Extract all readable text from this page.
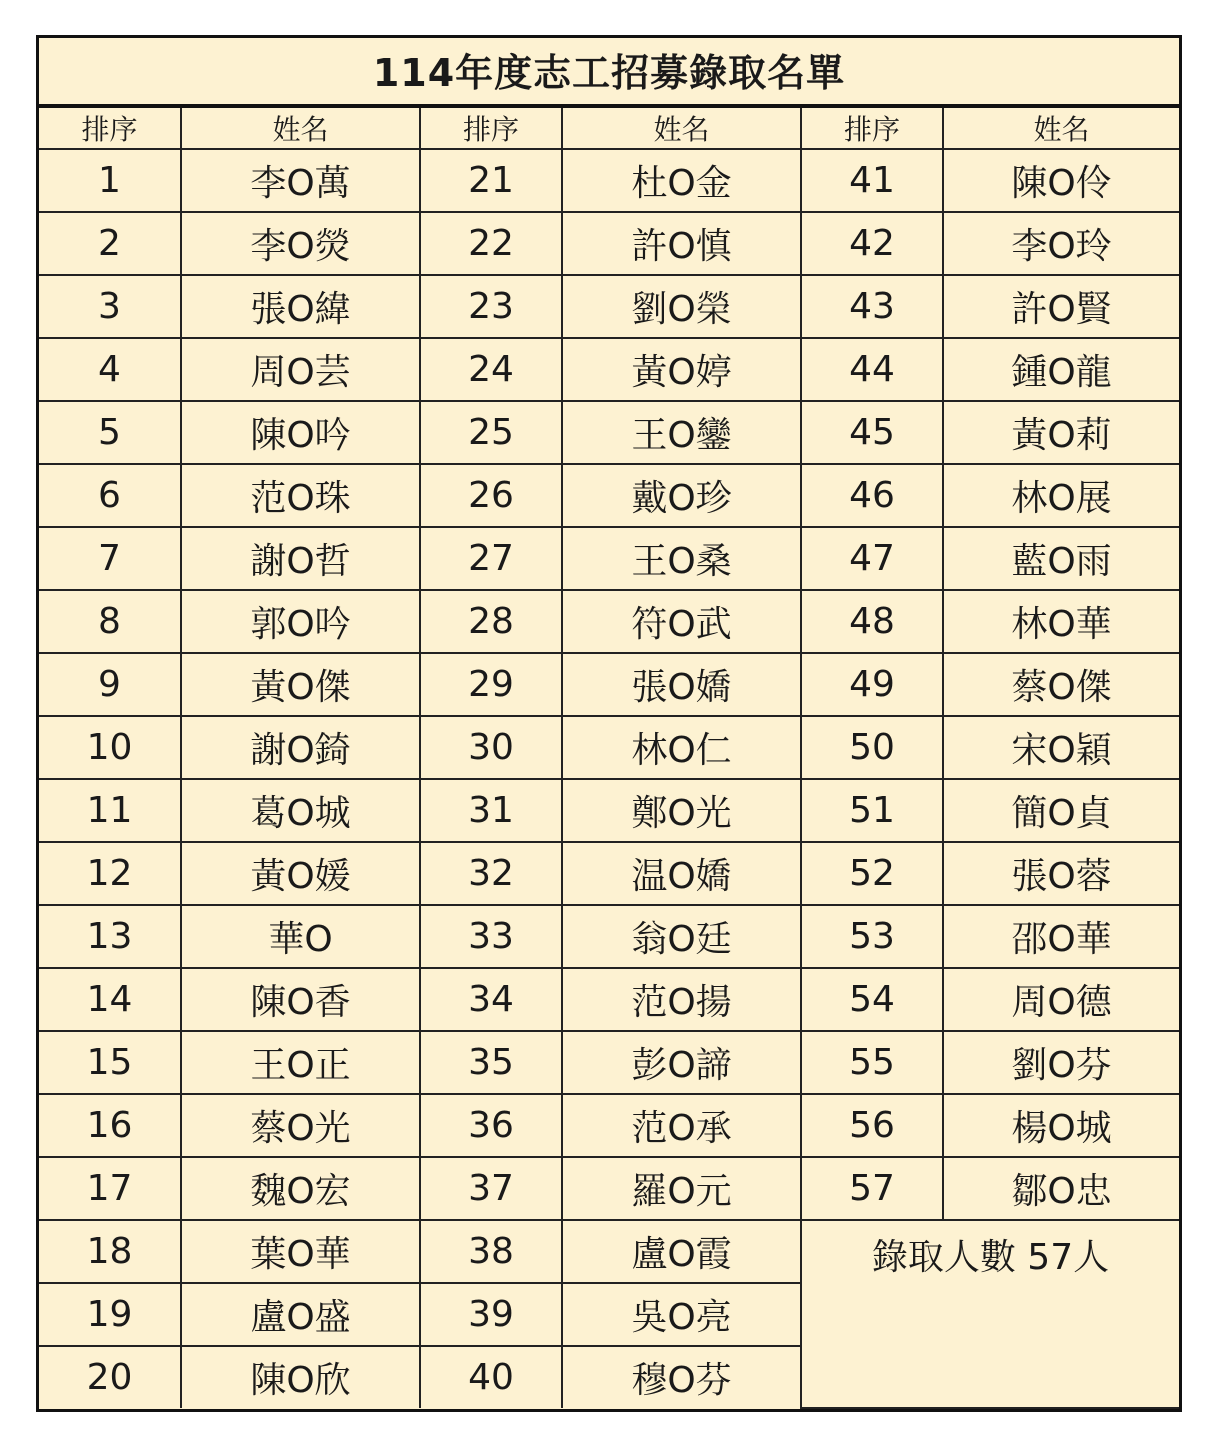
114年度志工招募錄取名單
排序	姓名	排序	姓名	排序	姓名
1	李O萬	21	杜O金	41	陳O伶
2	李O熒	22	許O慎	42	李O玲
3	張O緯	23	劉O榮	43	許O賢
4	周O芸	24	黃O婷	44	鍾O龍
5	陳O吟	25	王O鑾	45	黃O莉
6	范O珠	26	戴O珍	46	林O展
7	謝O哲	27	王O桑	47	藍O雨
8	郭O吟	28	符O武	48	林O華
9	黃O傑	29	張O嬌	49	蔡O傑
10	謝O錡	30	林O仁	50	宋O穎
11	葛O城	31	鄭O光	51	簡O貞
12	黃O媛	32	温O嬌	52	張O蓉
13	華O	33	翁O廷	53	邵O華
14	陳O香	34	范O揚	54	周O德
15	王O正	35	彭O諦	55	劉O芬
16	蔡O光	36	范O承	56	楊O城
17	魏O宏	37	羅O元	57	鄒O忠
18	葉O華	38	盧O霞	錄取人數 57人	
19	盧O盛	39	吳O亮		
20	陳O欣	40	穆O芬		
